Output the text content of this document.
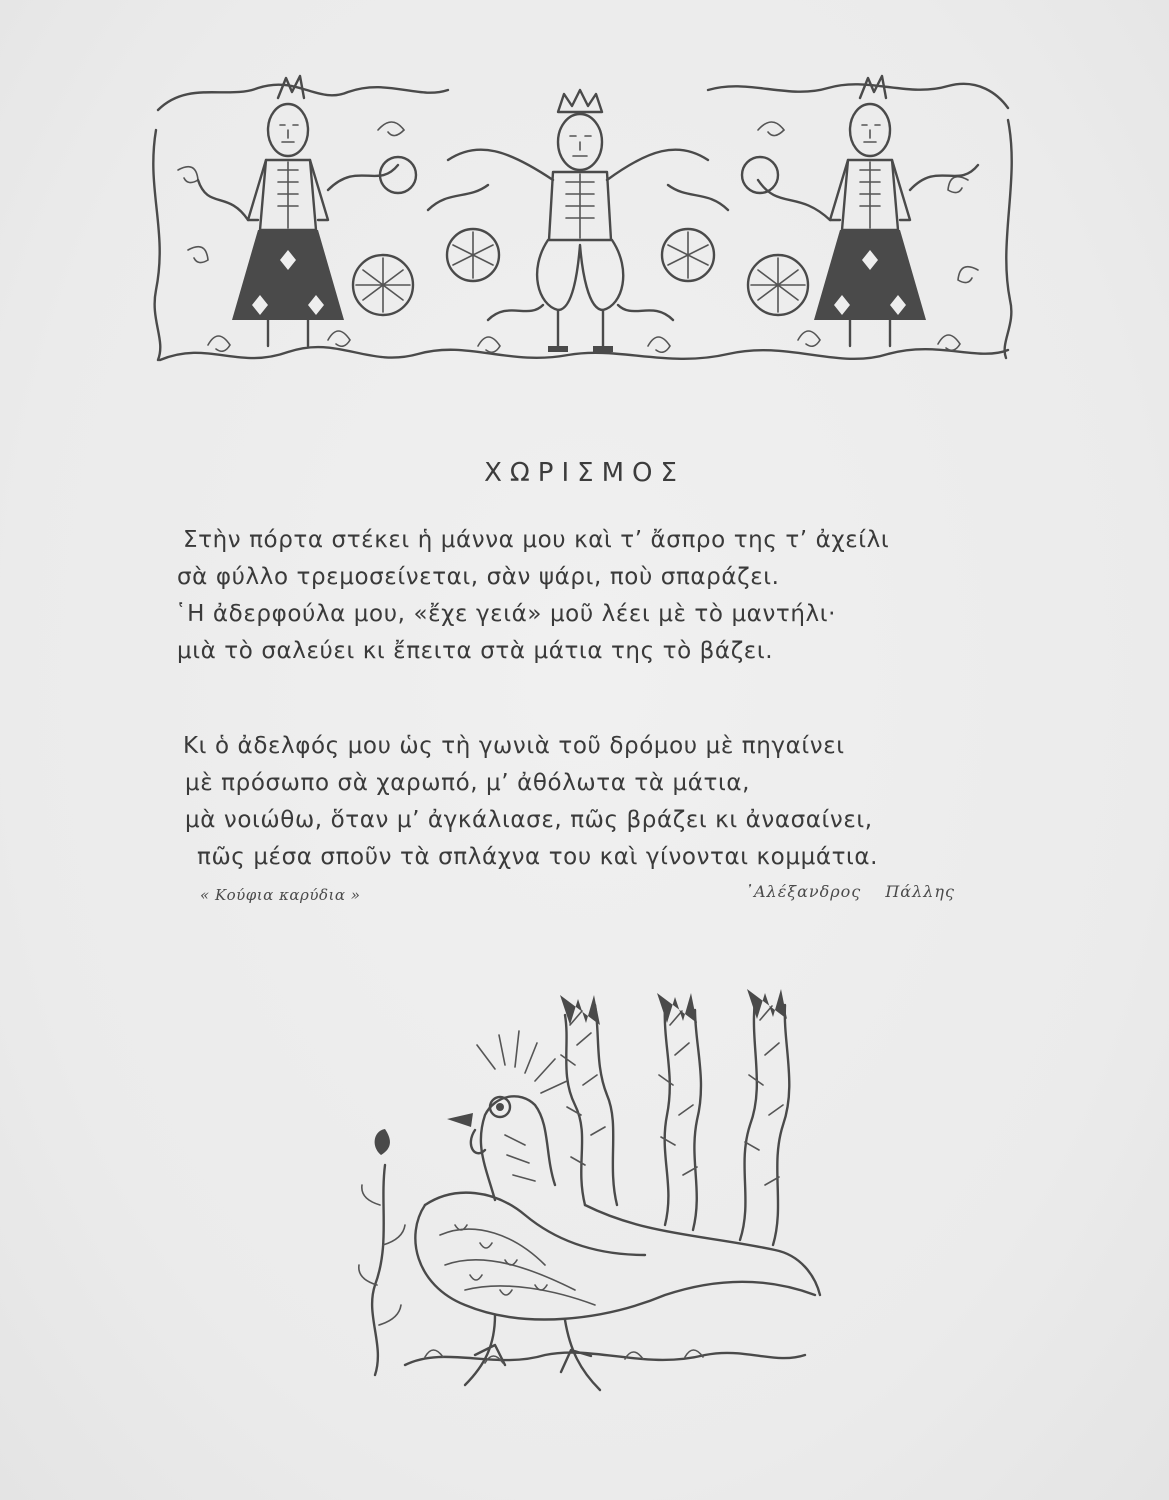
ΧΩΡΙΣΜΟΣ
Στὴν πόρτα στέκει ἡ μάννα μου καὶ τ’ ἄσπρο της τ’ ἀχείλι
σὰ φύλλο τρεμοσείνεται, σὰν ψάρι, ποὺ σπαράζει.
῾Η ἀδερφούλα μου, «ἔχε γειά» μοῦ λέει μὲ τὸ μαντήλι·
μιὰ τὸ σαλεύει κι ἔπειτα στὰ μάτια της τὸ βάζει.
Κι ὁ ἀδελφός μου ὡς τὴ γωνιὰ τοῦ δρόμου μὲ πηγαίνει
μὲ πρόσωπο σὰ χαρωπό, μ’ ἀθόλωτα τὰ μάτια,
μὰ νοιώθω, ὅταν μ’ ἀγκάλιασε, πῶς βράζει κι ἀνασαίνει,
πῶς μέσα σποῦν τὰ σπλάχνα του καὶ γίνονται κομμάτια.
« Κούφια καρύδια »	᾿Αλέξανδρος Πάλλης
